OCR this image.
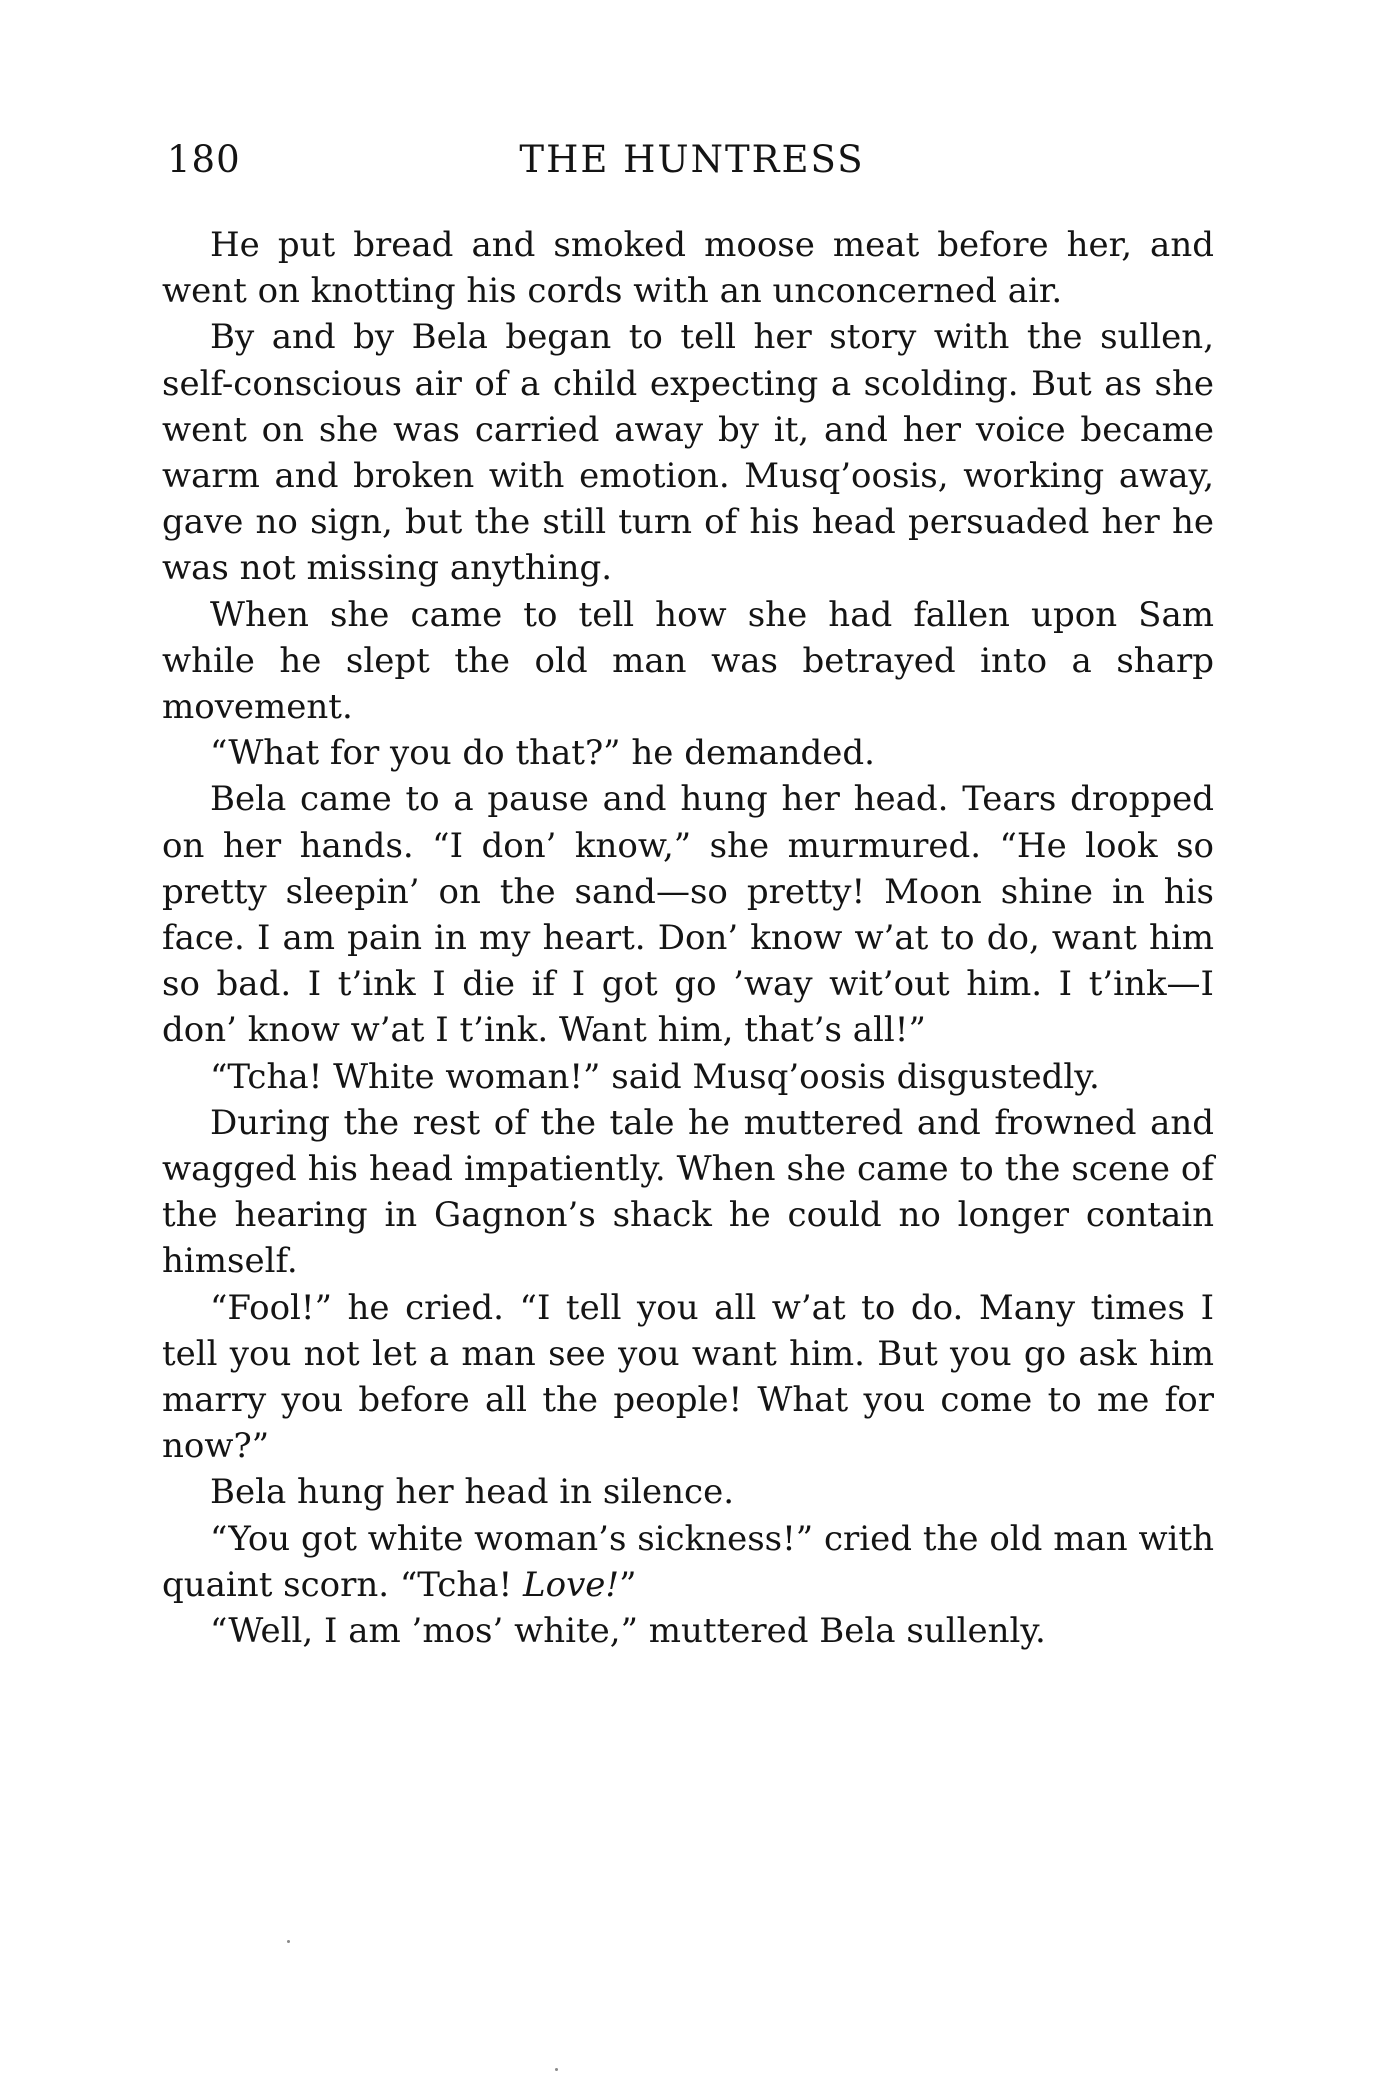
180	THE HUNTRESS

He put bread and smoked moose meat before her, and went on knotting his cords with an unconcerned air.

By and by Bela began to tell her story with the sullen, self-conscious air of a child expecting a scolding. But as she went on she was carried away by it, and her voice became warm and broken with emotion. Musq’oosis, working away, gave no sign, but the still turn of his head persuaded her he was not missing anything.

When she came to tell how she had fallen upon Sam while he slept the old man was betrayed into a sharp movement.

“What for you do that?” he demanded.

Bela came to a pause and hung her head. Tears dropped on her hands. “I don’ know,” she murmured. “He look so pretty sleepin’ on the sand—so pretty! Moon shine in his face. I am pain in my heart. Don’ know w’at to do, want him so bad. I t’ink I die if I got go ’way wit’out him. I t’ink—I don’ know w’at I t’ink. Want him, that’s all!”

“Tcha! White woman!” said Musq’oosis disgustedly.

During the rest of the tale he muttered and frowned and wagged his head impatiently. When she came to the scene of the hearing in Gagnon’s shack he could no longer contain himself.

“Fool!” he cried. “I tell you all w’at to do. Many times I tell you not let a man see you want him. But you go ask him marry you before all the people! What you come to me for now?”

Bela hung her head in silence.

“You got white woman’s sickness!” cried the old man with quaint scorn. “Tcha! Love!”

“Well, I am ’mos’ white,” muttered Bela sullenly.
